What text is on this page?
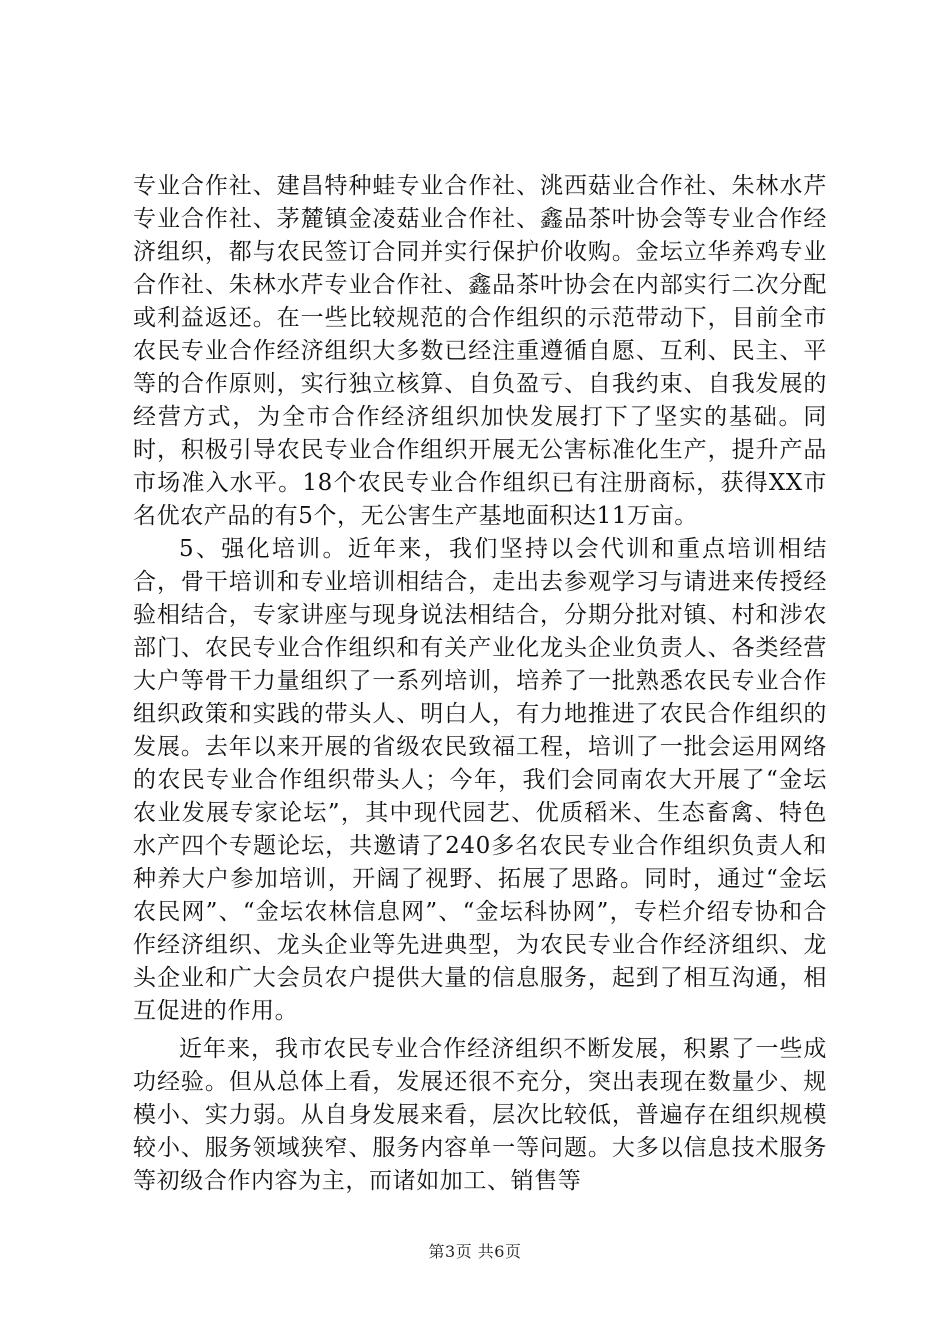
专业合作社、建昌特种蛙专业合作社、洮西菇业合作社、朱林水芹专业合作社、茅麓镇金凌菇业合作社、鑫品茶叶协会等专业合作经济组织，都与农民签订合同并实行保护价收购。金坛立华养鸡专业合作社、朱林水芹专业合作社、鑫品茶叶协会在内部实行二次分配或利益返还。在一些比较规范的合作组织的示范带动下，目前全市农民专业合作经济组织大多数已经注重遵循自愿、互利、民主、平等的合作原则，实行独立核算、自负盈亏、自我约束、自我发展的经营方式，为全市合作经济组织加快发展打下了坚实的基础。同时，积极引导农民专业合作组织开展无公害标准化生产，提升产品市场准入水平。18个农民专业合作组织已有注册商标，获得XX市名优农产品的有5个，无公害生产基地面积达11万亩。

5、强化培训。近年来，我们坚持以会代训和重点培训相结合，骨干培训和专业培训相结合，走出去参观学习与请进来传授经验相结合，专家讲座与现身说法相结合，分期分批对镇、村和涉农部门、农民专业合作组织和有关产业化龙头企业负责人、各类经营大户等骨干力量组织了一系列培训，培养了一批熟悉农民专业合作组织政策和实践的带头人、明白人，有力地推进了农民合作组织的发展。去年以来开展的省级农民致福工程，培训了一批会运用网络的农民专业合作组织带头人；今年，我们会同南农大开展了“金坛农业发展专家论坛”，其中现代园艺、优质稻米、生态畜禽、特色水产四个专题论坛，共邀请了240多名农民专业合作组织负责人和种养大户参加培训，开阔了视野、拓展了思路。同时，通过“金坛农民网”、“金坛农林信息网”、“金坛科协网”，专栏介绍专协和合作经济组织、龙头企业等先进典型，为农民专业合作经济组织、龙头企业和广大会员农户提供大量的信息服务，起到了相互沟通，相互促进的作用。

近年来，我市农民专业合作经济组织不断发展，积累了一些成功经验。但从总体上看，发展还很不充分，突出表现在数量少、规模小、实力弱。从自身发展来看，层次比较低，普遍存在组织规模较小、服务领域狭窄、服务内容单一等问题。大多以信息技术服务等初级合作内容为主，而诸如加工、销售等

第3页 共6页
